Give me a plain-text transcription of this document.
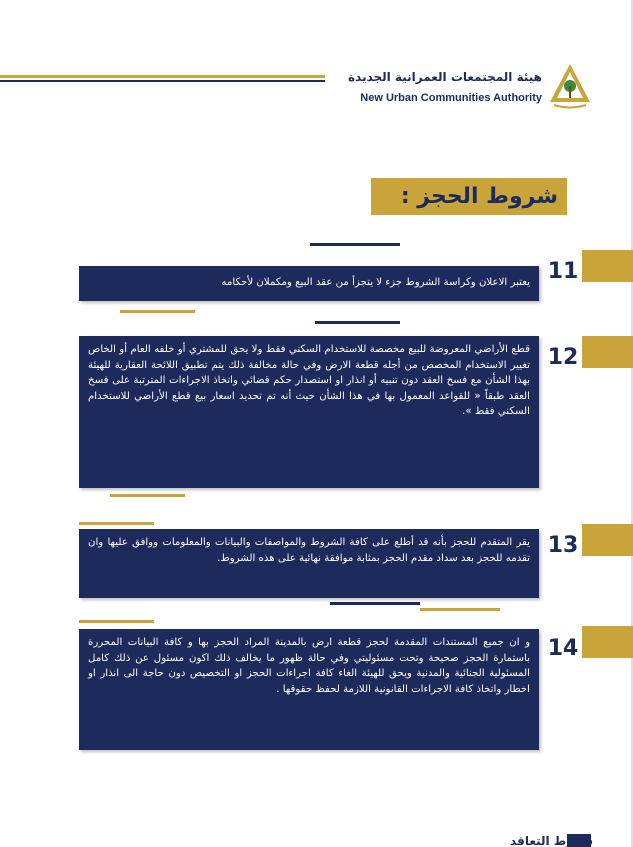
هيئة المجتمعات العمرانية الجديدة
New Urban Communities Authority
شروط الحجز :
11
يعتبر الاعلان وكراسة الشروط جزء لا يتجزأ من عقد البيع ومكملان لأحكامه
12
قطع الأراضي المعروضة للبيع مخصصة للاستخدام السكني فقط ولا يحق للمشتري أو خلفه العام أو الخاص تغيير الاستخدام المخصص من أجله قطعة الارض وفي حالة مخالفة ذلك يتم تطبيق اللائحة العقارية للهيئة بهذا الشأن مع فسخ العقد دون تنبيه أو انذار او استصدار حكم قضائي واتخاذ الاجراءات المترتبة على فسخ العقد طبقاً « للقواعد المعمول بها في هذا الشأن حيث أنه تم تحديد اسعار بيع قطع الأراضي للاستخدام السكني فقط ».
13
يقر المتقدم للحجز بأنه قد أطلع على كافة الشروط والمواصفات والبيانات والمعلومات ووافق عليها وان تقدمه للحجز بعد سداد مقدم الحجز بمثابة موافقة نهائية على هذه الشروط.
14
و ان جميع المستندات المقدمة لحجز قطعة ارض بالمدينة المراد الحجز بها و كافة البيانات المحررة باستمارة الحجز صحيحة وتحت مسئوليتي وفي حالة ظهور ما يخالف ذلك اكون مسئول عن ذلك كامل المسئولية الجنائية والمدنية ويحق للهيئة الغاء كافة اجراءات الحجز او التخصيص دون حاجة الى انذار او اخطار واتخاذ كافة الاجراءات القانونية اللازمة لحفظ حقوقها .
شروط التعاقد
